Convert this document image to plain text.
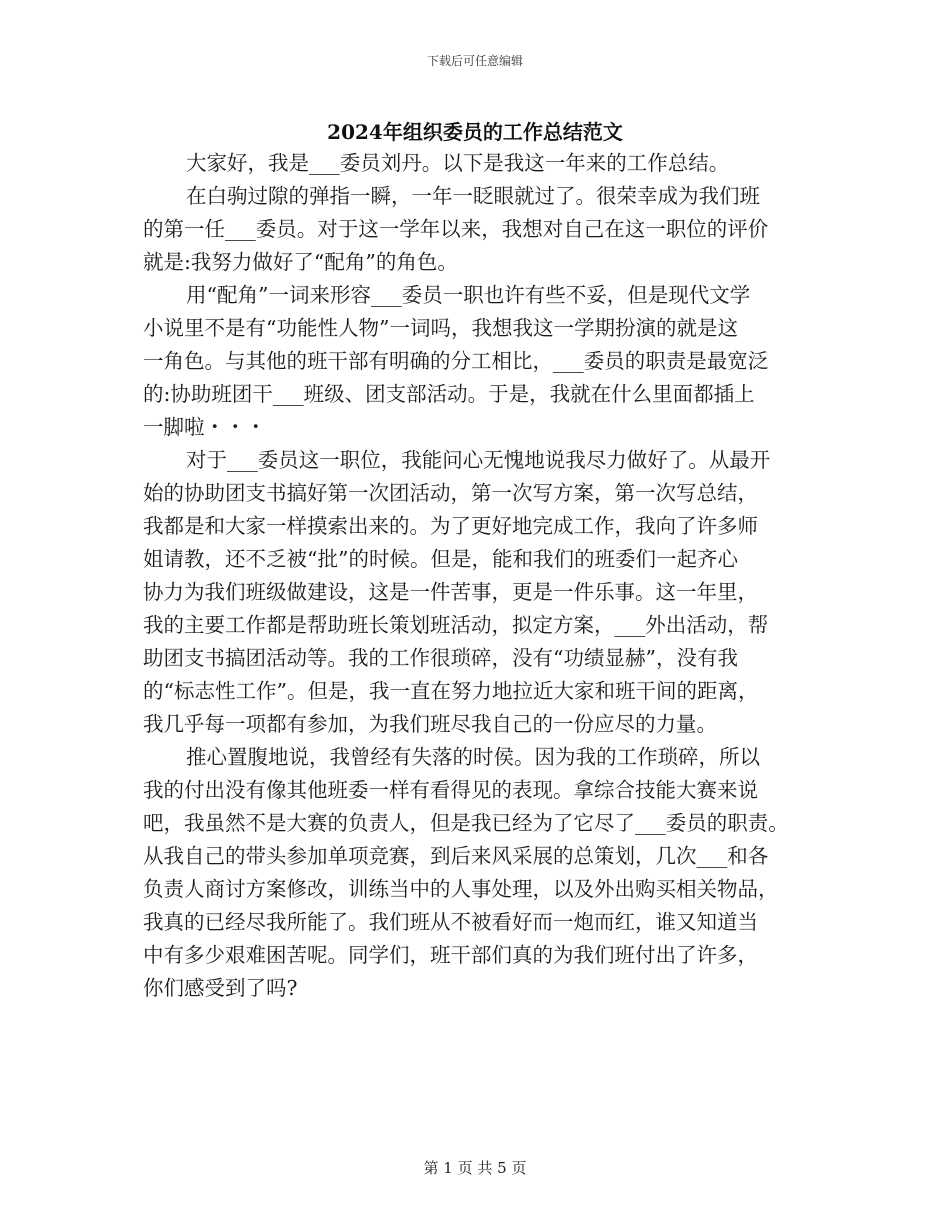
下载后可任意编辑
2024年组织委员的工作总结范文
大家好，我是___委员刘丹。以下是我这一年来的工作总结。
在白驹过隙的弹指一瞬，一年一眨眼就过了。很荣幸成为我们班
的第一任___委员。对于这一学年以来，我想对自己在这一职位的评价
就是:我努力做好了“配角”的角色。
用“配角”一词来形容___委员一职也许有些不妥，但是现代文学
小说里不是有“功能性人物”一词吗，我想我这一学期扮演的就是这
一角色。与其他的班干部有明确的分工相比，___委员的职责是最宽泛
的:协助班团干___班级、团支部活动。于是，我就在什么里面都插上
一脚啦・・・
对于___委员这一职位，我能问心无愧地说我尽力做好了。从最开
始的协助团支书搞好第一次团活动，第一次写方案，第一次写总结，
我都是和大家一样摸索出来的。为了更好地完成工作，我向了许多师
姐请教，还不乏被“批”的时候。但是，能和我们的班委们一起齐心
协力为我们班级做建设，这是一件苦事，更是一件乐事。这一年里，
我的主要工作都是帮助班长策划班活动，拟定方案，___外出活动，帮
助团支书搞团活动等。我的工作很琐碎，没有“功绩显赫”，没有我
的“标志性工作”。但是，我一直在努力地拉近大家和班干间的距离，
我几乎每一项都有参加，为我们班尽我自己的一份应尽的力量。
推心置腹地说，我曾经有失落的时侯。因为我的工作琐碎，所以
我的付出没有像其他班委一样有看得见的表现。拿综合技能大赛来说
吧，我虽然不是大赛的负责人，但是我已经为了它尽了___委员的职责。
从我自己的带头参加单项竞赛，到后来风采展的总策划，几次___和各
负责人商讨方案修改，训练当中的人事处理，以及外出购买相关物品，
我真的已经尽我所能了。我们班从不被看好而一炮而红，谁又知道当
中有多少艰难困苦呢。同学们，班干部们真的为我们班付出了许多，
你们感受到了吗?
第 1 页 共 5 页
